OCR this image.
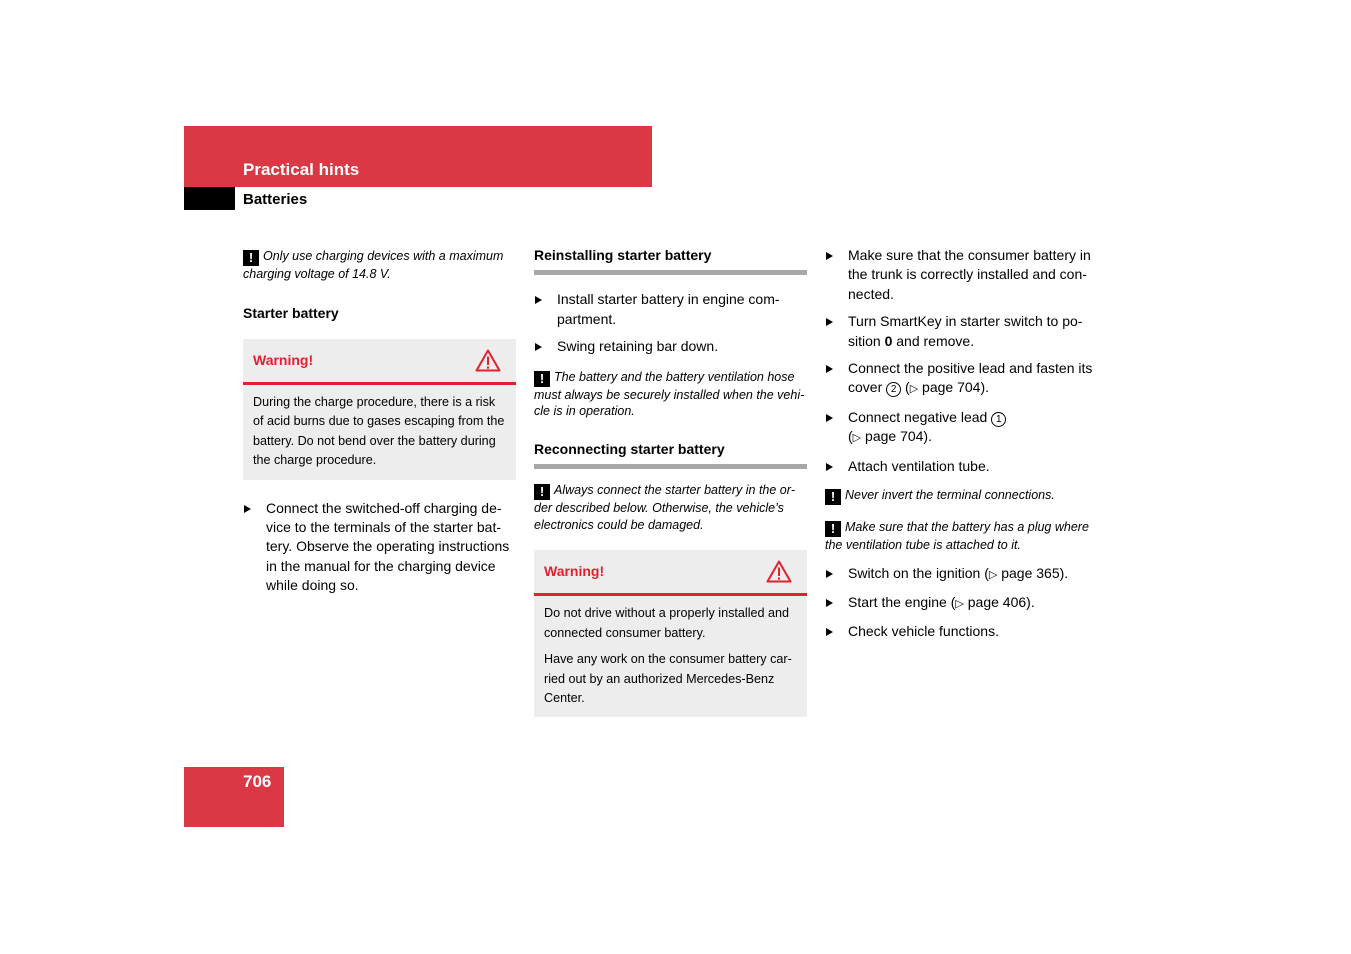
Practical hints
Batteries

! Only use charging devices with a maximum charging voltage of 14.8 V.

Starter battery

Warning!

During the charge procedure, there is a risk of acid burns due to gases escaping from the battery. Do not bend over the battery during the charge procedure.

Connect the switched-off charging device to the terminals of the starter battery. Observe the operating instructions in the manual for the charging device while doing so.

Reinstalling starter battery

Install starter battery in engine compartment.
Swing retaining bar down.

! The battery and the battery ventilation hose must always be securely installed when the vehicle is in operation.

Reconnecting starter battery

! Always connect the starter battery in the order described below. Otherwise, the vehicle’s electronics could be damaged.

Warning!

Do not drive without a properly installed and connected consumer battery.

Have any work on the consumer battery carried out by an authorized Mercedes-Benz Center.

Make sure that the consumer battery in the trunk is correctly installed and connected.
Turn SmartKey in starter switch to position 0 and remove.
Connect the positive lead and fasten its cover 2 (▷ page 704).
Connect negative lead 1
(▷ page 704).
Attach ventilation tube.

! Never invert the terminal connections.

! Make sure that the battery has a plug where the ventilation tube is attached to it.

Switch on the ignition (▷ page 365).
Start the engine (▷ page 406).
Check vehicle functions.
706
